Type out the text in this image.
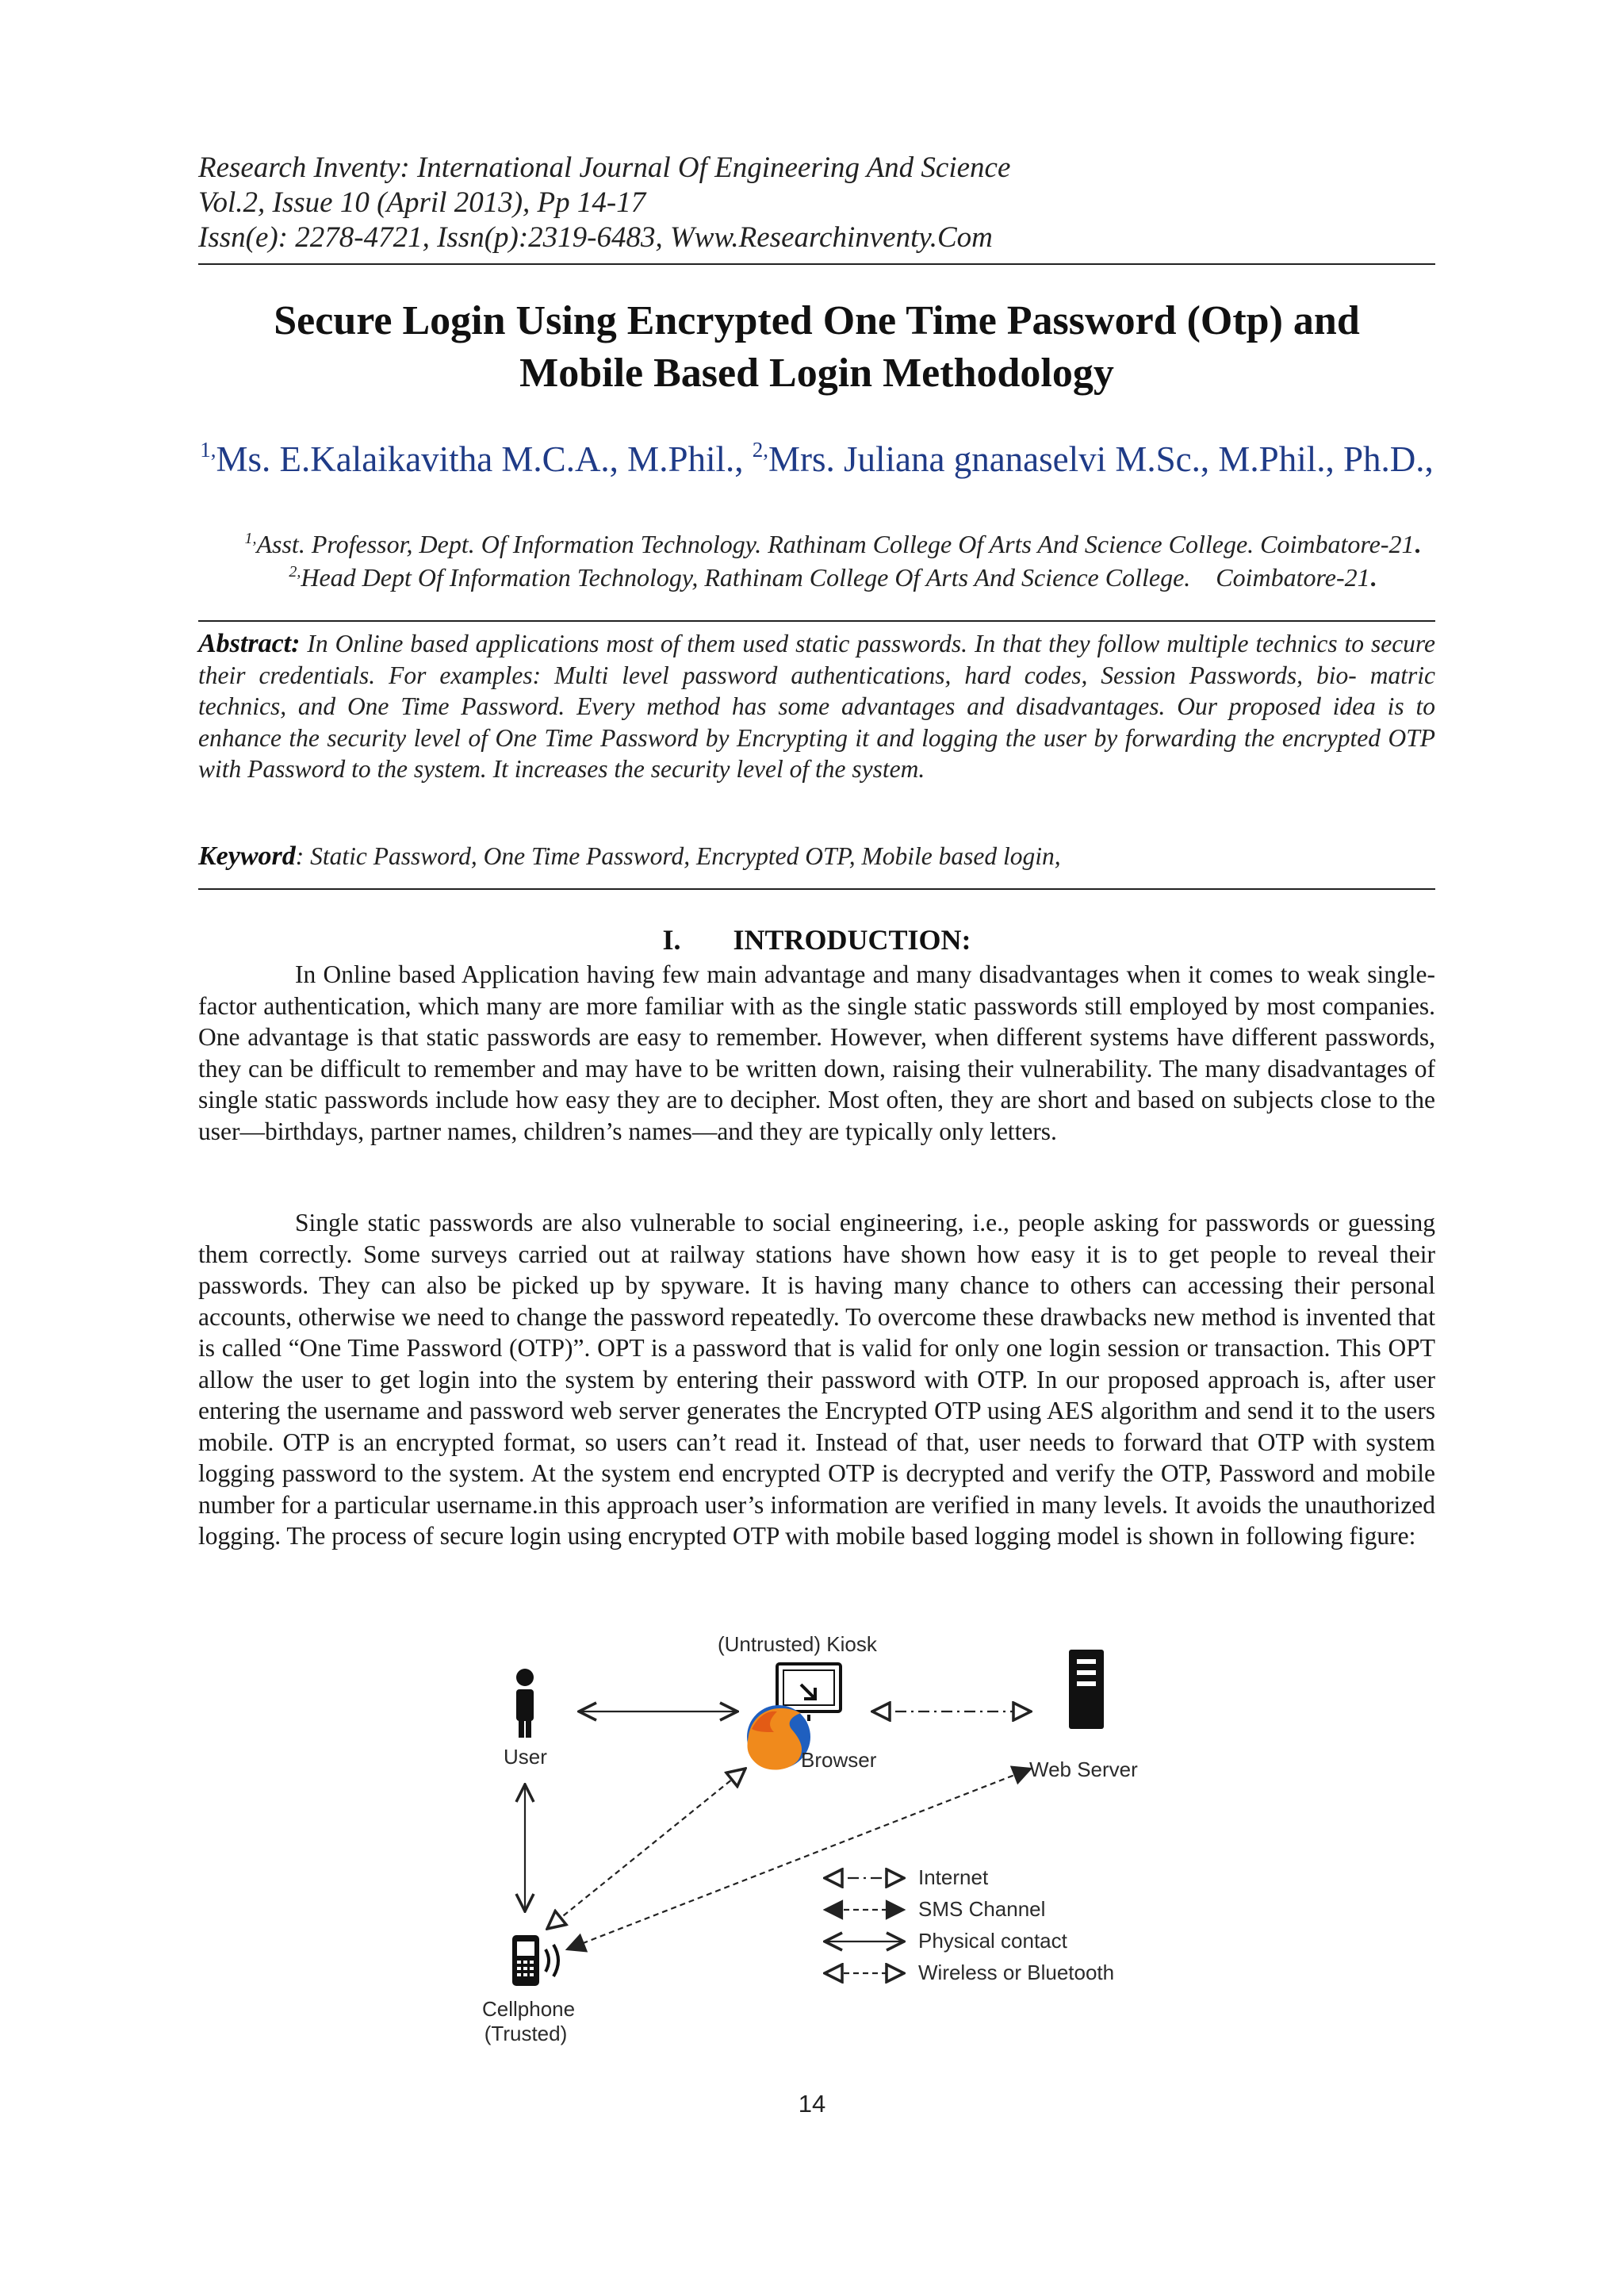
Research Inventy: International Journal Of Engineering And Science
Vol.2, Issue 10 (April 2013), Pp 14-17
Issn(e): 2278-4721, Issn(p):2319-6483, Www.Researchinventy.Com
Secure Login Using Encrypted One Time Password (Otp) and
Mobile Based Login Methodology
$^{1,}$Ms. E.Kalaikavitha M.C.A., M.Phil., $^{2,}$Mrs. Juliana gnanaselvi M.Sc., M.Phil., Ph.D.,
$^{1,}$Asst. Professor, Dept. Of Information Technology. Rathinam College Of Arts And Science College. Coimbatore-21.
$^{2,}$Head Dept Of Information Technology, Rathinam College Of Arts And Science College.    Coimbatore-21.
Abstract: In Online based applications most of them used static passwords. In that they follow multiple technics to secure their credentials. For examples: Multi level password authentications, hard codes, Session Passwords, bio- matric technics, and One Time Password. Every method has some advantages and disadvantages. Our proposed idea is to enhance the security level of One Time Password by Encrypting it and logging the user by forwarding the encrypted OTP with Password to the system. It increases the security level of the system.
Keyword: Static Password, One Time Password, Encrypted OTP, Mobile based login,
I. INTRODUCTION:
In Online based Application having few main advantage and many disadvantages when it comes to weak single-factor authentication, which many are more familiar with as the single static passwords still employed by most companies. One advantage is that static passwords are easy to remember. However, when different systems have different passwords, they can be difficult to remember and may have to be written down, raising their vulnerability. The many disadvantages of single static passwords include how easy they are to decipher. Most often, they are short and based on subjects close to the user—birthdays, partner names, children’s names—and they are typically only letters.
Single static passwords are also vulnerable to social engineering, i.e., people asking for passwords or guessing them correctly. Some surveys carried out at railway stations have shown how easy it is to get people to reveal their passwords. They can also be picked up by spyware. It is having many chance to others can accessing their personal accounts, otherwise we need to change the password repeatedly. To overcome these drawbacks new method is invented that is called “One Time Password (OTP)”. OPT is a password that is valid for only one login session or transaction. This OPT allow the user to get login into the system by entering their password with OTP. In our proposed approach is, after user entering the username and password web server generates the Encrypted OTP using AES algorithm and send it to the users mobile. OTP is an encrypted format, so users can’t read it. Instead of that, user needs to forward that OTP with system logging password to the system. At the system end encrypted OTP is decrypted and verify the OTP, Password and mobile number for a particular username.in this approach user’s information are verified in many levels. It avoids the unauthorized logging. The process of secure login using encrypted OTP with mobile based logging model is shown in following figure:
(Untrusted) Kiosk
User	Browser	Web Server
Cellphone
(Trusted)
Internet
SMS Channel
Physical contact
Wireless or Bluetooth
14
